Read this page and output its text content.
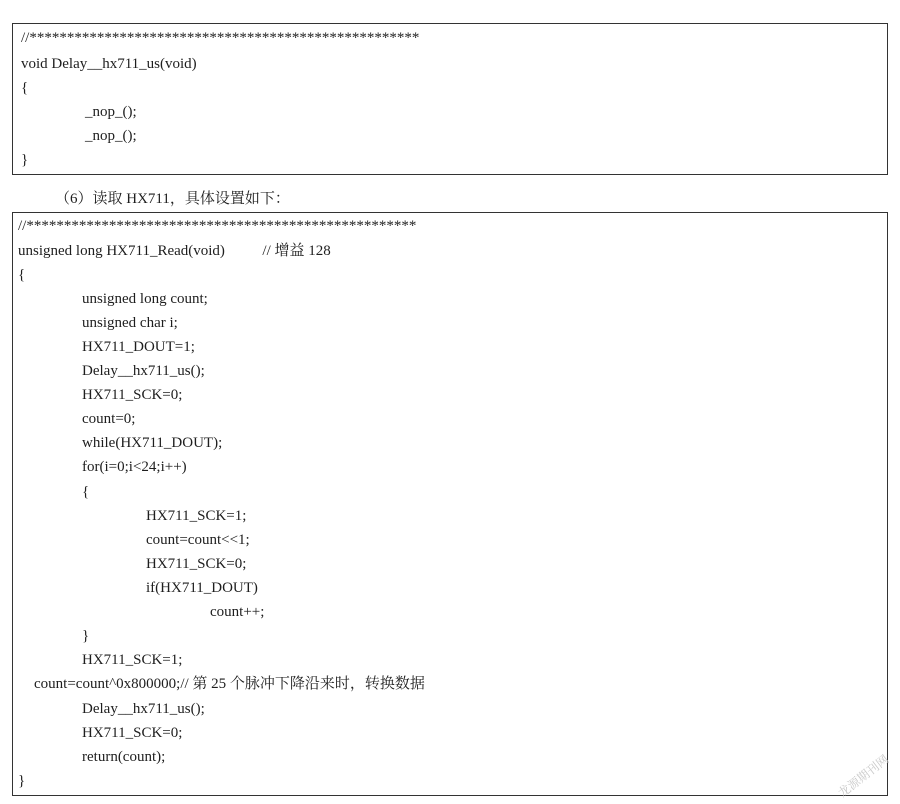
//****************************************************
void Delay__hx711_us(void)
{
_nop_();
_nop_();
}
（6）读取 HX711，具体设置如下：
//****************************************************
unsigned long HX711_Read(void)          // 增益 128
{
unsigned long count;
unsigned char i;
HX711_DOUT=1;
Delay__hx711_us();
HX711_SCK=0;
count=0;
while(HX711_DOUT);
for(i=0;i<24;i++)
{
HX711_SCK=1;
count=count<<1;
HX711_SCK=0;
if(HX711_DOUT)
count++;
}
HX711_SCK=1;
count=count^0x800000;// 第 25 个脉冲下降沿来时，转换数据
Delay__hx711_us();
HX711_SCK=0;
return(count);
}	龙源期刊网
